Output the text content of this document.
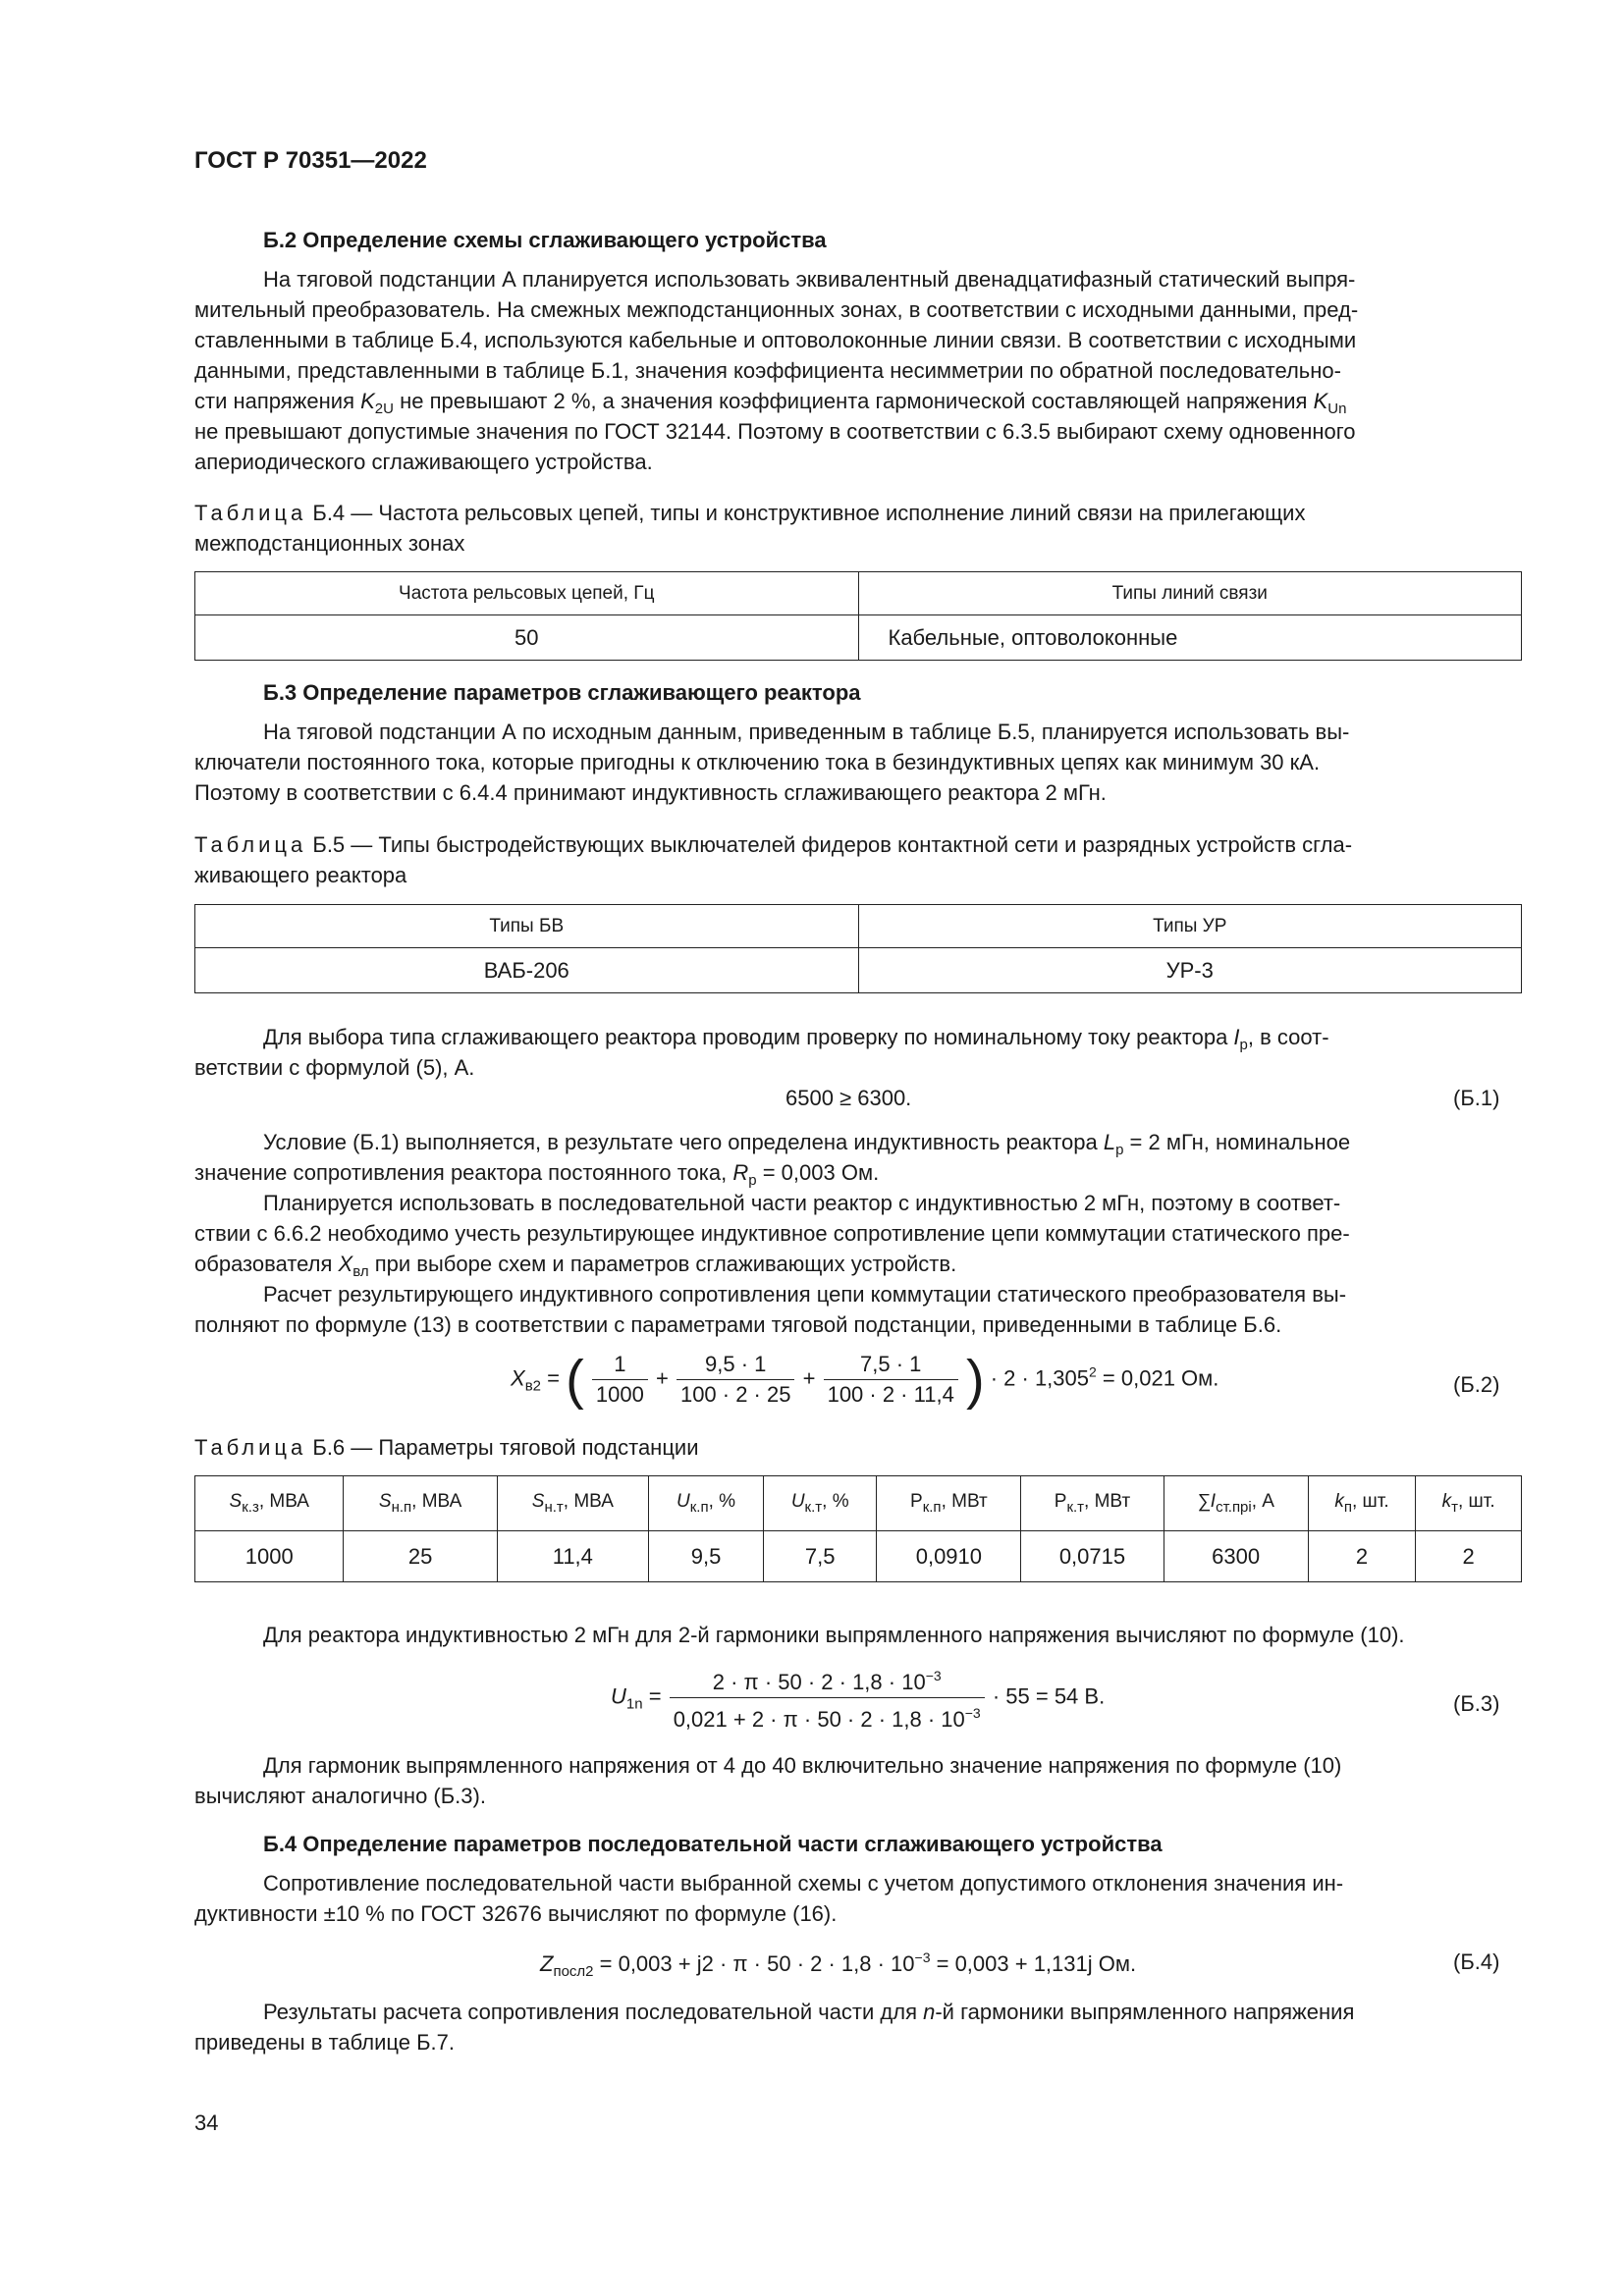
ГОСТ Р 70351—2022
Б.2 Определение схемы сглаживающего устройства
На тяговой подстанции А планируется использовать эквивалентный двенадцатифазный статический выпря-
мительный преобразователь. На смежных межподстанционных зонах, в соответствии с исходными данными, пред-
ставленными в таблице Б.4, используются кабельные и оптоволоконные линии связи. В соответствии с исходными
данными, представленными в таблице Б.1, значения коэффициента несимметрии по обратной последовательно-
сти напряжения $K_{2U}$ не превышают 2 %, а значения коэффициента гармонической составляющей напряжения $K_{Un}$
не превышают допустимые значения по ГОСТ 32144. Поэтому в соответствии с 6.3.5 выбирают схему одновенного
апериодического сглаживающего устройства.
Таблица Б.4 — Частота рельсовых цепей, типы и конструктивное исполнение линий связи на прилегающих
межподстанционных зонах
Частота рельсовых цепей, Гц	Типы линий связи
50	Кабельные, оптоволоконные
Б.3 Определение параметров сглаживающего реактора
На тяговой подстанции А по исходным данным, приведенным в таблице Б.5, планируется использовать вы-
ключатели постоянного тока, которые пригодны к отключению тока в безиндуктивных цепях как минимум 30 кА.
Поэтому в соответствии с 6.4.4 принимают индуктивность сглаживающего реактора 2 мГн.
Таблица Б.5 — Типы быстродействующих выключателей фидеров контактной сети и разрядных устройств сгла-
живающего реактора
Типы БВ	Типы УР
ВАБ-206	УР-3
Для выбора типа сглаживающего реактора проводим проверку по номинальному току реактора $I_p$, в соот-
ветствии с формулой (5), А.
6500 ≥ 6300.	(Б.1)
Условие (Б.1) выполняется, в результате чего определена индуктивность реактора $L_p = 2$ мГн, номинальное
значение сопротивления реактора постоянного тока, $R_p = 0,003$ Ом.
Планируется использовать в последовательной части реактор с индуктивностью 2 мГн, поэтому в соответ-
ствии с 6.6.2 необходимо учесть результирующее индуктивное сопротивление цепи коммутации статического пре-
образователя $X_{вл}$ при выборе схем и параметров сглаживающих устройств.
Расчет результирующего индуктивного сопротивления цепи коммутации статического преобразователя вы-
полняют по формуле (13) в соответствии с параметрами тяговой подстанции, приведенными в таблице Б.6.
$X_{в2}$ = ( $\frac{1}{1000} + \frac{9,5 \cdot 1}{100 \cdot 2 \cdot 25} + \frac{7,5 \cdot 1}{100 \cdot 2 \cdot 11,4}$ ) · $2 \cdot 1,305^2 = 0,021$ Ом.	(Б.2)
Таблица Б.6 — Параметры тяговой подстанции
$S_{к.з}$, МВА	$S_{н.п}$, МВА	$S_{н.т}$, МВА	$U_{к.п}$, %	$U_{к.т}$, %	$P_{к.п}$, МВт	$P_{к.т}$, МВт	$\sum I_{ст.прi}$, А	$k_п$, шт.	$k_т$, шт.
1000	25	11,4	9,5	7,5	0,0910	0,0715	6300	2	2
Для реактора индуктивностью 2 мГн для 2-й гармоники выпрямленного напряжения вычисляют по формуле (10).
$U_{1n} = \frac{2 \cdot \pi \cdot 50 \cdot 2 \cdot 1,8 \cdot 10^{-3}}{0,021 + 2 \cdot \pi \cdot 50 \cdot 2 \cdot 1,8 \cdot 10^{-3}} \cdot 55 = 54$ В.	(Б.3)
Для гармоник выпрямленного напряжения от 4 до 40 включительно значение напряжения по формуле (10)
вычисляют аналогично (Б.3).
Б.4 Определение параметров последовательной части сглаживающего устройства
Сопротивление последовательной части выбранной схемы с учетом допустимого отклонения значения ин-
дуктивности ±10 % по ГОСТ 32676 вычисляют по формуле (16).
$Z_{посл2} = 0,003 + j2 \cdot \pi \cdot 50 \cdot 2 \cdot 1,8 \cdot 10^{-3} = 0,003 + 1,131j$ Ом.	(Б.4)
Результаты расчета сопротивления последовательной части для n-й гармоники выпрямленного напряжения
приведены в таблице Б.7.
34
